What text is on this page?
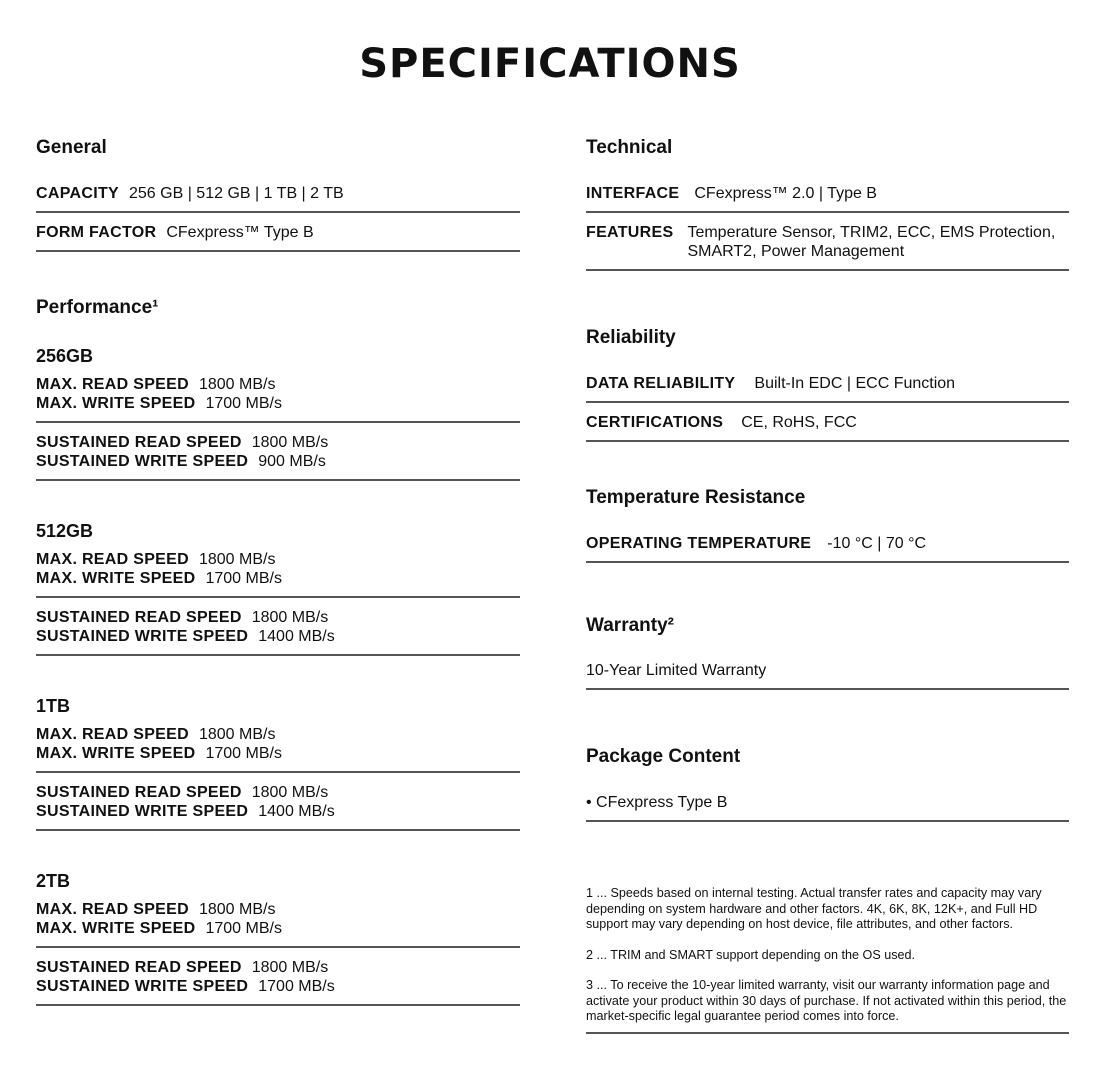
SPECIFICATIONS
General
CAPACITY 256 GB | 512 GB | 1 TB | 2 TB
FORM FACTOR CFexpress™ Type B
Performance¹
256GB
MAX. READ SPEED 1800 MB/s
MAX. WRITE SPEED 1700 MB/s
SUSTAINED READ SPEED 1800 MB/s
SUSTAINED WRITE SPEED 900 MB/s
512GB
MAX. READ SPEED 1800 MB/s
MAX. WRITE SPEED 1700 MB/s
SUSTAINED READ SPEED 1800 MB/s
SUSTAINED WRITE SPEED 1400 MB/s
1TB
MAX. READ SPEED 1800 MB/s
MAX. WRITE SPEED 1700 MB/s
SUSTAINED READ SPEED 1800 MB/s
SUSTAINED WRITE SPEED 1400 MB/s
2TB
MAX. READ SPEED 1800 MB/s
MAX. WRITE SPEED 1700 MB/s
SUSTAINED READ SPEED 1800 MB/s
SUSTAINED WRITE SPEED 1700 MB/s
Technical
INTERFACE CFexpress™ 2.0 | Type B
FEATURES Temperature Sensor, TRIM2, ECC, EMS Protection, SMART2, Power Management
Reliability
DATA RELIABILITY Built-In EDC | ECC Function
CERTIFICATIONS CE, RoHS, FCC
Temperature Resistance
OPERATING TEMPERATURE -10 °C | 70 °C
Warranty²
10-Year Limited Warranty
Package Content
• CFexpress Type B

1 ... Speeds based on internal testing. Actual transfer rates and capacity may vary depending on system hardware and other factors. 4K, 6K, 8K, 12K+, and Full HD support may vary depending on host device, file attributes, and other factors.

2 ... TRIM and SMART support depending on the OS used.

3 ... To receive the 10-year limited warranty, visit our warranty information page and activate your product within 30 days of purchase. If not activated within this period, the market-specific legal guarantee period comes into force.
